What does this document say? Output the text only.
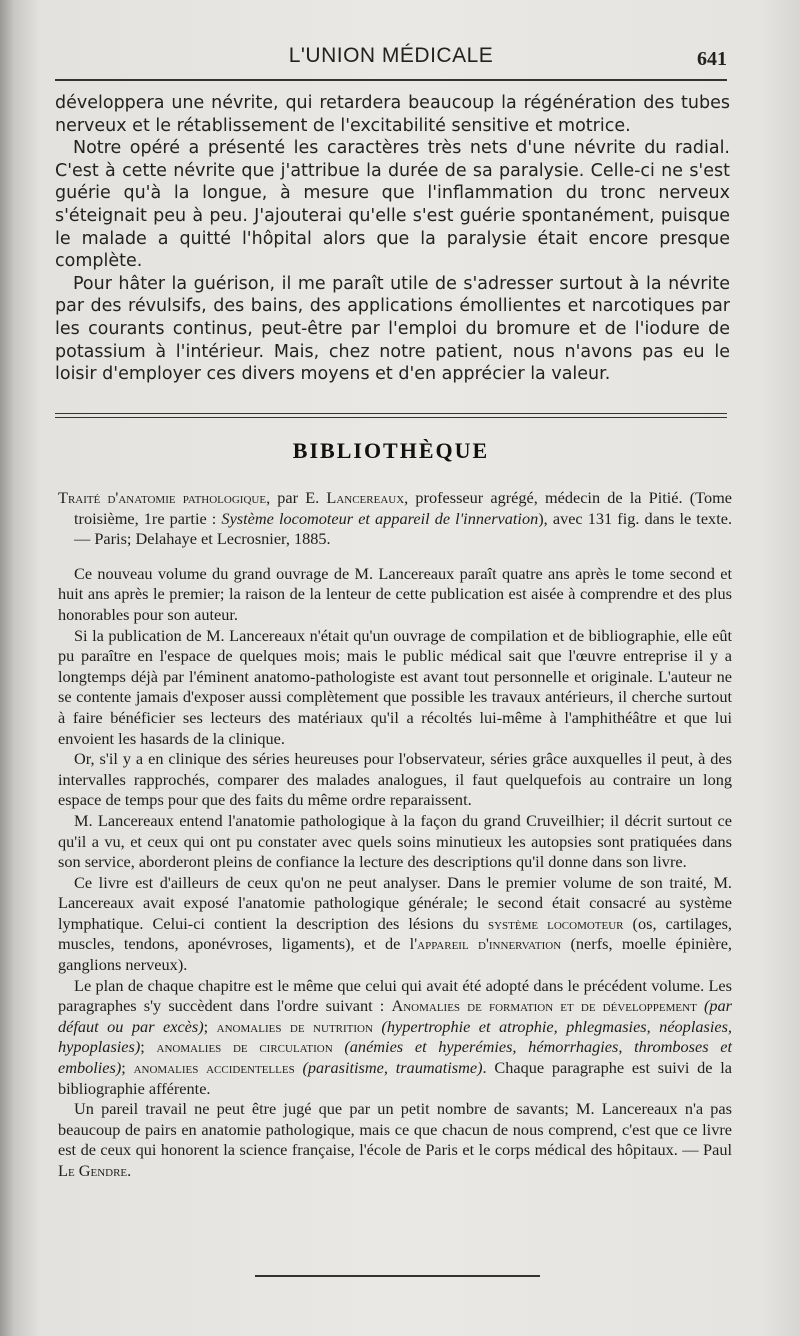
L'UNION MÉDICALE	641

développera une névrite, qui retardera beaucoup la régénération des tubes nerveux et le rétablissement de l'excitabilité sensitive et motrice.

Notre opéré a présenté les caractères très nets d'une névrite du radial. C'est à cette névrite que j'attribue la durée de sa paralysie. Celle-ci ne s'est guérie qu'à la longue, à mesure que l'inflammation du tronc nerveux s'éteignait peu à peu. J'ajouterai qu'elle s'est guérie spontanément, puisque le malade a quitté l'hôpital alors que la paralysie était encore presque complète.

Pour hâter la guérison, il me paraît utile de s'adresser surtout à la névrite par des révulsifs, des bains, des applications émollientes et narcotiques par les courants continus, peut-être par l'emploi du bromure et de l'iodure de potassium à l'intérieur. Mais, chez notre patient, nous n'avons pas eu le loisir d'employer ces divers moyens et d'en apprécier la valeur.

BIBLIOTHÈQUE

Traité d'anatomie pathologique, par E. Lancereaux, professeur agrégé, médecin de la Pitié. (Tome troisième, 1re partie : Système locomoteur et appareil de l'innervation), avec 131 fig. dans le texte. — Paris; Delahaye et Lecrosnier, 1885.

Ce nouveau volume du grand ouvrage de M. Lancereaux paraît quatre ans après le tome second et huit ans après le premier; la raison de la lenteur de cette publication est aisée à comprendre et des plus honorables pour son auteur.

Si la publication de M. Lancereaux n'était qu'un ouvrage de compilation et de bibliographie, elle eût pu paraître en l'espace de quelques mois; mais le public médical sait que l'œuvre entreprise il y a longtemps déjà par l'éminent anatomo-pathologiste est avant tout personnelle et originale. L'auteur ne se contente jamais d'exposer aussi complètement que possible les travaux antérieurs, il cherche surtout à faire bénéficier ses lecteurs des matériaux qu'il a récoltés lui-même à l'amphithéâtre et que lui envoient les hasards de la clinique.

Or, s'il y a en clinique des séries heureuses pour l'observateur, séries grâce auxquelles il peut, à des intervalles rapprochés, comparer des malades analogues, il faut quelquefois au contraire un long espace de temps pour que des faits du même ordre reparaissent.

M. Lancereaux entend l'anatomie pathologique à la façon du grand Cruveilhier; il décrit surtout ce qu'il a vu, et ceux qui ont pu constater avec quels soins minutieux les autopsies sont pratiquées dans son service, aborderont pleins de confiance la lecture des descriptions qu'il donne dans son livre.

Ce livre est d'ailleurs de ceux qu'on ne peut analyser. Dans le premier volume de son traité, M. Lancereaux avait exposé l'anatomie pathologique générale; le second était consacré au système lymphatique. Celui-ci contient la description des lésions du système locomoteur (os, cartilages, muscles, tendons, aponévroses, ligaments), et de l'appareil d'innervation (nerfs, moelle épinière, ganglions nerveux).

Le plan de chaque chapitre est le même que celui qui avait été adopté dans le précédent volume. Les paragraphes s'y succèdent dans l'ordre suivant : Anomalies de formation et de développement (par défaut ou par excès); anomalies de nutrition (hypertrophie et atrophie, phlegmasies, néoplasies, hypoplasies); anomalies de circulation (anémies et hyperémies, hémorrhagies, thromboses et embolies); anomalies accidentelles (parasitisme, traumatisme). Chaque paragraphe est suivi de la bibliographie afférente.

Un pareil travail ne peut être jugé que par un petit nombre de savants; M. Lancereaux n'a pas beaucoup de pairs en anatomie pathologique, mais ce que chacun de nous comprend, c'est que ce livre est de ceux qui honorent la science française, l'école de Paris et le corps médical des hôpitaux. — Paul Le Gendre.
